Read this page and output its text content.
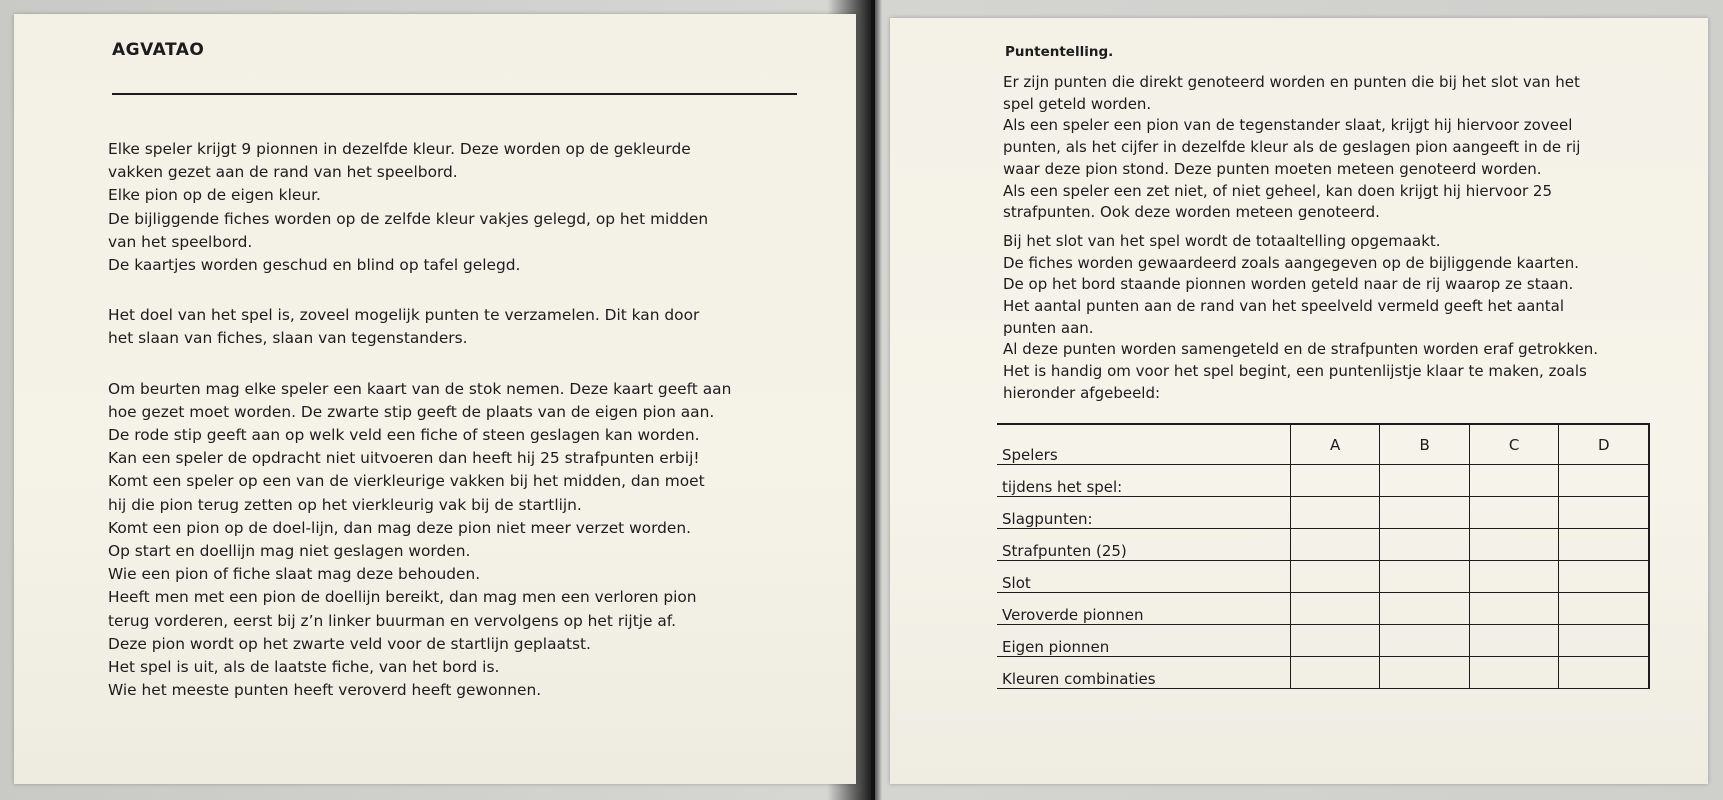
AGVATAO
Elke speler krijgt 9 pionnen in dezelfde kleur. Deze worden op de gekleurde
vakken gezet aan de rand van het speelbord.
Elke pion op de eigen kleur.
De bijliggende fiches worden op de zelfde kleur vakjes gelegd, op het midden
van het speelbord.
De kaartjes worden geschud en blind op tafel gelegd.
Het doel van het spel is, zoveel mogelijk punten te verzamelen. Dit kan door
het slaan van fiches, slaan van tegenstanders.
Om beurten mag elke speler een kaart van de stok nemen. Deze kaart geeft aan
hoe gezet moet worden. De zwarte stip geeft de plaats van de eigen pion aan.
De rode stip geeft aan op welk veld een fiche of steen geslagen kan worden.
Kan een speler de opdracht niet uitvoeren dan heeft hij 25 strafpunten erbij!
Komt een speler op een van de vierkleurige vakken bij het midden, dan moet
hij die pion terug zetten op het vierkleurig vak bij de startlijn.
Komt een pion op de doel-lijn, dan mag deze pion niet meer verzet worden.
Op start en doellijn mag niet geslagen worden.
Wie een pion of fiche slaat mag deze behouden.
Heeft men met een pion de doellijn bereikt, dan mag men een verloren pion
terug vorderen, eerst bij z’n linker buurman en vervolgens op het rijtje af.
Deze pion wordt op het zwarte veld voor de startlijn geplaatst.
Het spel is uit, als de laatste fiche, van het bord is.
Wie het meeste punten heeft veroverd heeft gewonnen.
Puntentelling.
Er zijn punten die direkt genoteerd worden en punten die bij het slot van het
spel geteld worden.
Als een speler een pion van de tegenstander slaat, krijgt hij hiervoor zoveel
punten, als het cijfer in dezelfde kleur als de geslagen pion aangeeft in de rij
waar deze pion stond. Deze punten moeten meteen genoteerd worden.
Als een speler een zet niet, of niet geheel, kan doen krijgt hij hiervoor 25
strafpunten. Ook deze worden meteen genoteerd.
Bij het slot van het spel wordt de totaaltelling opgemaakt.
De fiches worden gewaardeerd zoals aangegeven op de bijliggende kaarten.
De op het bord staande pionnen worden geteld naar de rij waarop ze staan.
Het aantal punten aan de rand van het speelveld vermeld geeft het aantal
punten aan.
Al deze punten worden samengeteld en de strafpunten worden eraf getrokken.
Het is handig om voor het spel begint, een puntenlijstje klaar te maken, zoals
hieronder afgebeeld:
Spelers	A	B	C	D
tijdens het spel:				
Slagpunten:				
Strafpunten (25)				
Slot				
Veroverde pionnen				
Eigen pionnen				
Kleuren combinaties				
